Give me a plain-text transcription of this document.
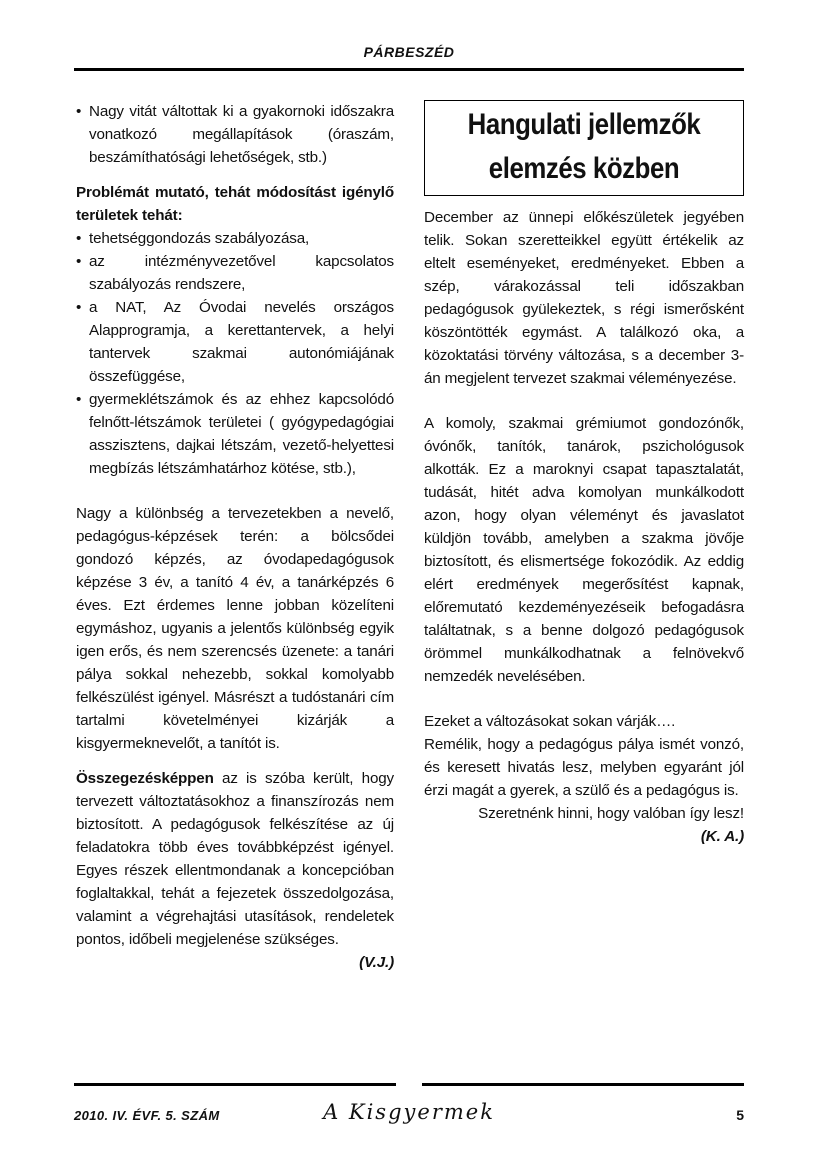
PÁRBESZÉD
• Nagy vitát váltottak ki a gyakornoki időszakra vonatkozó megállapítások (óraszám, beszámíthatósági lehetőségek, stb.)

Problémát mutató, tehát módosítást igénylő területek tehát:

• tehetséggondozás szabályozása,
• az intézményvezetővel kapcsolatos szabályozás rendszere,
• a NAT, Az Óvodai nevelés országos Alapprogramja, a kerettantervek, a helyi tantervek szakmai autonómiájának összefüggése,
• gyermeklétszámok és az ehhez kapcsolódó felnőtt-létszámok területei ( gyógypedagógiai asszisztens, dajkai létszám, vezető-helyettesi megbízás létszámhatárhoz kötése, stb.),

Nagy a különbség a tervezetekben a nevelő, pedagógus-képzések terén: a bölcsődei gondozó képzés, az óvodapedagógusok képzése 3 év, a tanító 4 év, a tanárképzés 6 éves. Ezt érdemes lenne jobban közelíteni egymáshoz, ugyanis a jelentős különbség egyik igen erős, és nem szerencsés üzenete: a tanári pálya sokkal nehezebb, sokkal komolyabb felkészülést igényel. Másrészt a tudóstanári cím tartalmi követelményei kizárják a kisgyermeknevelőt, a tanítót is.

Összegezésképpen az is szóba került, hogy tervezett változtatásokhoz a finanszírozás nem biztosított. A pedagógusok felkészítése az új feladatokra több éves továbbképzést igényel. Egyes részek ellentmondanak a koncepcióban foglaltakkal, tehát a fejezetek összedolgozása, valamint a végrehajtási utasítások, rendeletek pontos, időbeli megjelenése szükséges.

(V.J.)

Hangulati jellemzők elemzés közben

December az ünnepi előkészületek jegyében telik. Sokan szeretteikkel együtt értékelik az eltelt eseményeket, eredményeket. Ebben a szép, várakozással teli időszakban pedagógusok gyülekeztek, s régi ismerősként köszöntötték egymást. A találkozó oka, a közoktatási törvény változása, s a december 3-án megjelent tervezet szakmai véleményezése.

A komoly, szakmai grémiumot gondozónők, óvónők, tanítók, tanárok, pszichológusok alkották. Ez a maroknyi csapat tapasztalatát, tudását, hitét adva komolyan munkálkodott azon, hogy olyan véleményt és javaslatot küldjön tovább, amelyben a szakma jövője biztosított, és elismertsége fokozódik. Az eddig elért eredmények megerősítést kapnak, előremutató kezdeményezéseik befogadásra találtatnak, s a benne dolgozó pedagógusok örömmel munkálkodhatnak a felnövekvő nemzedék nevelésében.

Ezeket a változásokat sokan várják….

Remélik, hogy a pedagógus pálya ismét vonzó, és keresett hivatás lesz, melyben egyaránt jól érzi magát a gyerek, a szülő és a pedagógus is.

Szeretnénk hinni, hogy valóban így lesz!

(K. A.)

2010. IV. ÉVF. 5. SZÁM	A Kisgyermek	5
